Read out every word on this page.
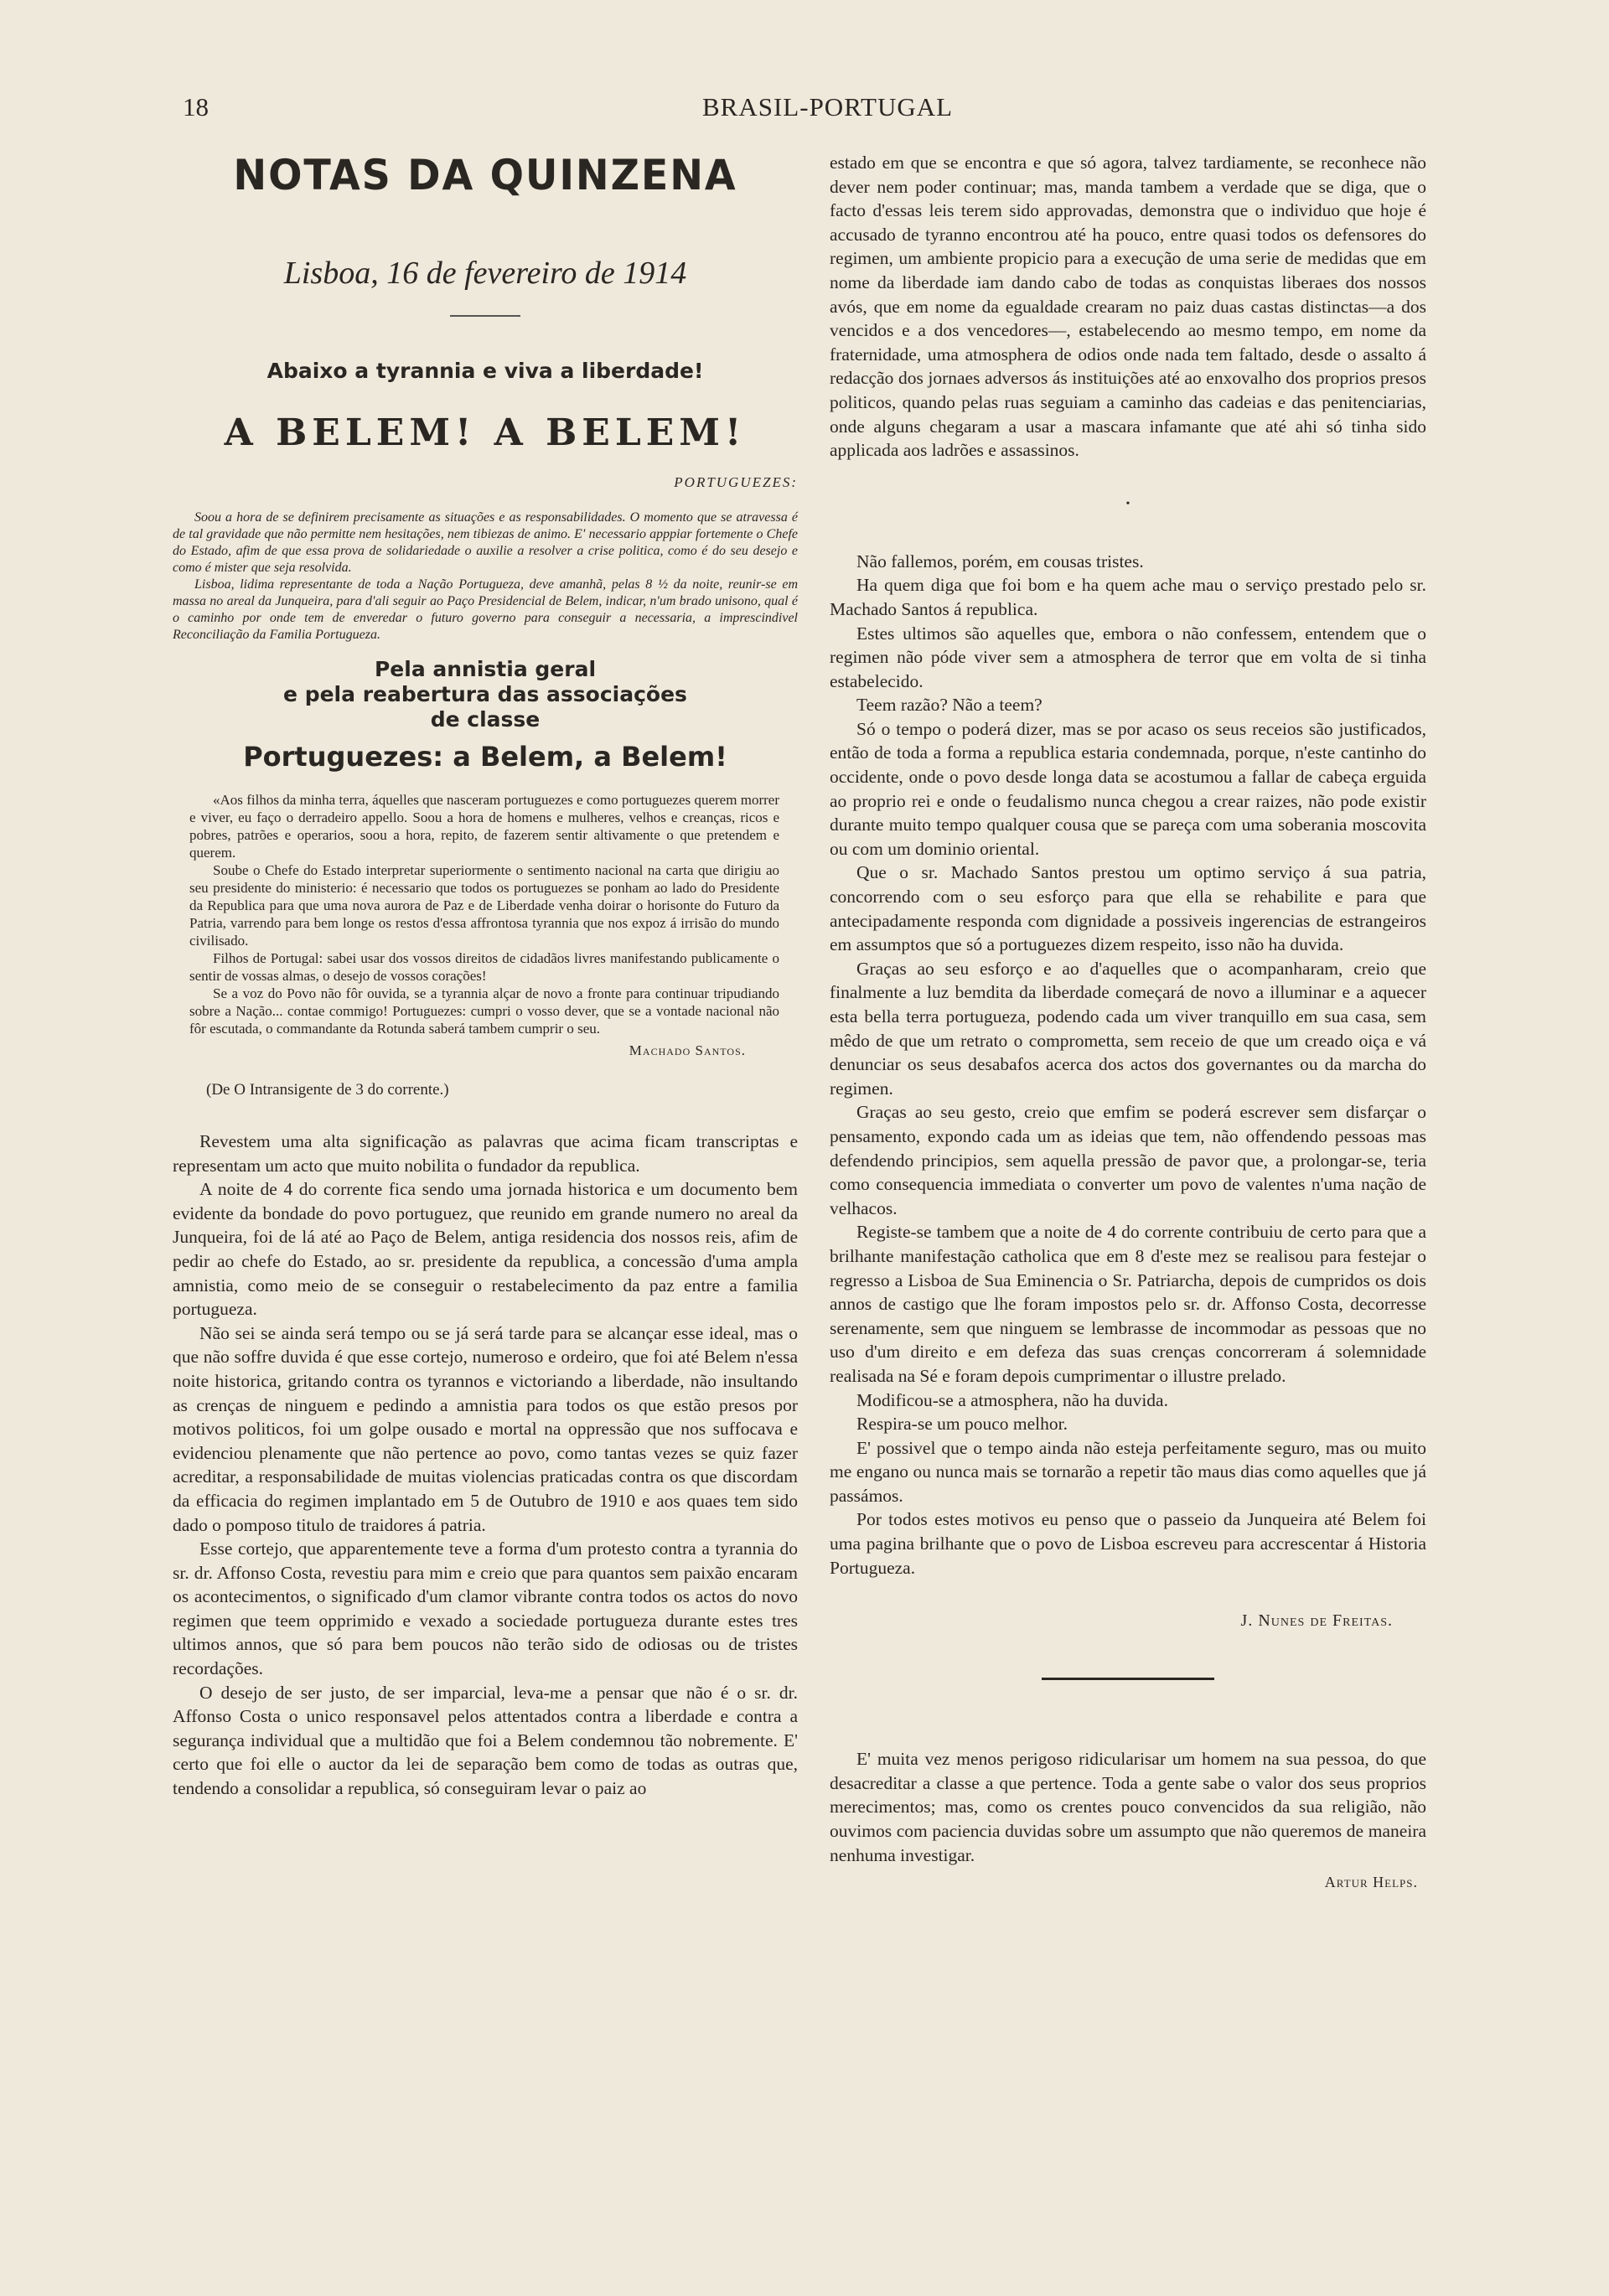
18	BRASIL-PORTUGAL
NOTAS DA QUINZENA

Lisboa, 16 de fevereiro de 1914

Abaixo a tyrannia e viva a liberdade!

A BELEM! A BELEM!

PORTUGUEZES:

Soou a hora de se definirem precisamente as situações e as responsabilidades. O momento que se atravessa é de tal gravidade que não permitte nem hesitações, nem tibiezas de animo. E' necessario apppiar fortemente o Chefe do Estado, afim de que essa prova de solidariedade o auxilie a resolver a crise politica, como é do seu desejo e como é mister que seja resolvida.

Lisboa, lidima representante de toda a Nação Portugueza, deve amanhã, pelas 8 ½ da noite, reunir-se em massa no areal da Junqueira, para d'ali seguir ao Paço Presidencial de Belem, indicar, n'um brado unisono, qual é o caminho por onde tem de enveredar o futuro governo para conseguir a necessaria, a imprescindivel Reconciliação da Familia Portugueza.

Pela annistia geral
e pela reabertura das associações
de classe

Portuguezes: a Belem, a Belem!

«Aos filhos da minha terra, áquelles que nasceram portuguezes e como portuguezes querem morrer e viver, eu faço o derradeiro appello. Soou a hora de homens e mulheres, velhos e creanças, ricos e pobres, patrões e operarios, soou a hora, repito, de fazerem sentir altivamente o que pretendem e querem.

Soube o Chefe do Estado interpretar superiormente o sentimento nacional na carta que dirigiu ao seu presidente do ministerio: é necessario que todos os portuguezes se ponham ao lado do Presidente da Republica para que uma nova aurora de Paz e de Liberdade venha doirar o horisonte do Futuro da Patria, varrendo para bem longe os restos d'essa affrontosa tyrannia que nos expoz á irrisão do mundo civilisado.

Filhos de Portugal: sabei usar dos vossos direitos de cidadãos livres manifestando publicamente o sentir de vossas almas, o desejo de vossos corações!

Se a voz do Povo não fôr ouvida, se a tyrannia alçar de novo a fronte para continuar tripudiando sobre a Nação... contae commigo! Portuguezes: cumpri o vosso dever, que se a vontade nacional não fôr escutada, o commandante da Rotunda saberá tambem cumprir o seu.

Machado Santos.
(De O Intransigente de 3 do corrente.)

Revestem uma alta significação as palavras que acima ficam transcriptas e representam um acto que muito nobilita o fundador da republica.

A noite de 4 do corrente fica sendo uma jornada historica e um documento bem evidente da bondade do povo portuguez, que reunido em grande numero no areal da Junqueira, foi de lá até ao Paço de Belem, antiga residencia dos nossos reis, afim de pedir ao chefe do Estado, ao sr. presidente da republica, a concessão d'uma ampla amnistia, como meio de se conseguir o restabelecimento da paz entre a familia portugueza.

Não sei se ainda será tempo ou se já será tarde para se alcançar esse ideal, mas o que não soffre duvida é que esse cortejo, numeroso e ordeiro, que foi até Belem n'essa noite historica, gritando contra os tyrannos e victoriando a liberdade, não insultando as crenças de ninguem e pedindo a amnistia para todos os que estão presos por motivos politicos, foi um golpe ousado e mortal na oppressão que nos suffocava e evidenciou plenamente que não pertence ao povo, como tantas vezes se quiz fazer acreditar, a responsabilidade de muitas violencias praticadas contra os que discordam da efficacia do regimen implantado em 5 de Outubro de 1910 e aos quaes tem sido dado o pomposo titulo de traidores á patria.

Esse cortejo, que apparentemente teve a forma d'um protesto contra a tyrannia do sr. dr. Affonso Costa, revestiu para mim e creio que para quantos sem paixão encaram os acontecimentos, o significado d'um clamor vibrante contra todos os actos do novo regimen que teem opprimido e vexado a sociedade portugueza durante estes tres ultimos annos, que só para bem poucos não terão sido de odiosas ou de tristes recordações.

O desejo de ser justo, de ser imparcial, leva-me a pensar que não é o sr. dr. Affonso Costa o unico responsavel pelos attentados contra a liberdade e contra a segurança individual que a multidão que foi a Belem condemnou tão nobremente. E' certo que foi elle o auctor da lei de separação bem como de todas as outras que, tendendo a consolidar a republica, só conseguiram levar o paiz ao

estado em que se encontra e que só agora, talvez tardiamente, se reconhece não dever nem poder continuar; mas, manda tambem a verdade que se diga, que o facto d'essas leis terem sido approvadas, demonstra que o individuo que hoje é accusado de tyranno encontrou até ha pouco, entre quasi todos os defensores do regimen, um ambiente propicio para a execução de uma serie de medidas que em nome da liberdade iam dando cabo de todas as conquistas liberaes dos nossos avós, que em nome da egualdade crearam no paiz duas castas distinctas—a dos vencidos e a dos vencedores—, estabelecendo ao mesmo tempo, em nome da fraternidade, uma atmosphera de odios onde nada tem faltado, desde o assalto á redacção dos jornaes adversos ás instituições até ao enxovalho dos proprios presos politicos, quando pelas ruas seguiam a caminho das cadeias e das penitenciarias, onde alguns chegaram a usar a mascara infamante que até ahi só tinha sido applicada aos ladrões e assassinos.

•

Não fallemos, porém, em cousas tristes.

Ha quem diga que foi bom e ha quem ache mau o serviço prestado pelo sr. Machado Santos á republica.

Estes ultimos são aquelles que, embora o não confessem, entendem que o regimen não póde viver sem a atmosphera de terror que em volta de si tinha estabelecido.

Teem razão? Não a teem?

Só o tempo o poderá dizer, mas se por acaso os seus receios são justificados, então de toda a forma a republica estaria condemnada, porque, n'este cantinho do occidente, onde o povo desde longa data se acostumou a fallar de cabeça erguida ao proprio rei e onde o feudalismo nunca chegou a crear raizes, não pode existir durante muito tempo qualquer cousa que se pareça com uma soberania moscovita ou com um dominio oriental.

Que o sr. Machado Santos prestou um optimo serviço á sua patria, concorrendo com o seu esforço para que ella se rehabilite e para que antecipadamente responda com dignidade a possiveis ingerencias de estrangeiros em assumptos que só a portuguezes dizem respeito, isso não ha duvida.

Graças ao seu esforço e ao d'aquelles que o acompanharam, creio que finalmente a luz bemdita da liberdade começará de novo a illuminar e a aquecer esta bella terra portugueza, podendo cada um viver tranquillo em sua casa, sem mêdo de que um retrato o comprometta, sem receio de que um creado oiça e vá denunciar os seus desabafos acerca dos actos dos governantes ou da marcha do regimen.

Graças ao seu gesto, creio que emfim se poderá escrever sem disfarçar o pensamento, expondo cada um as ideias que tem, não offendendo pessoas mas defendendo principios, sem aquella pressão de pavor que, a prolongar-se, teria como consequencia immediata o converter um povo de valentes n'uma nação de velhacos.

Registe-se tambem que a noite de 4 do corrente contribuiu de certo para que a brilhante manifestação catholica que em 8 d'este mez se realisou para festejar o regresso a Lisboa de Sua Eminencia o Sr. Patriarcha, depois de cumpridos os dois annos de castigo que lhe foram impostos pelo sr. dr. Affonso Costa, decorresse serenamente, sem que ninguem se lembrasse de incommodar as pessoas que no uso d'um direito e em defeza das suas crenças concorreram á solemnidade realisada na Sé e foram depois cumprimentar o illustre prelado.

Modificou-se a atmosphera, não ha duvida.

Respira-se um pouco melhor.

E' possivel que o tempo ainda não esteja perfeitamente seguro, mas ou muito me engano ou nunca mais se tornarão a repetir tão maus dias como aquelles que já passámos.

Por todos estes motivos eu penso que o passeio da Junqueira até Belem foi uma pagina brilhante que o povo de Lisboa escreveu para accrescentar á Historia Portugueza.

J. Nunes de Freitas.

E' muita vez menos perigoso ridicularisar um homem na sua pessoa, do que desacreditar a classe a que pertence. Toda a gente sabe o valor dos seus proprios merecimentos; mas, como os crentes pouco convencidos da sua religião, não ouvimos com paciencia duvidas sobre um assumpto que não queremos de maneira nenhuma investigar.

Artur Helps.
